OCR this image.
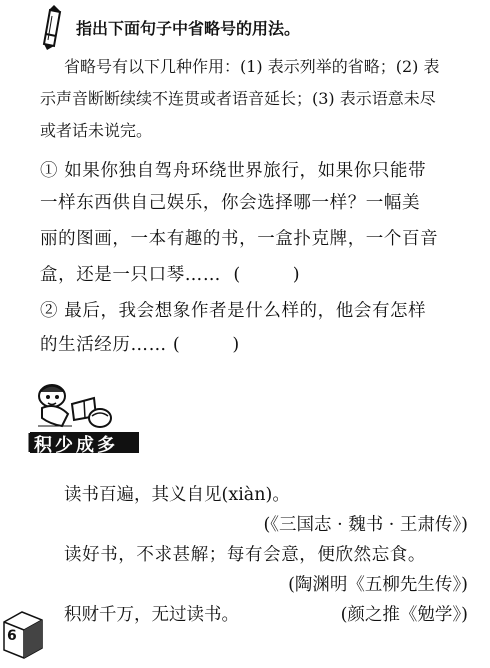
指出下面句子中省略号的用法。
省略号有以下几种作用：(1) 表示列举的省略；(2) 表
示声音断断续续不连贯或者语音延长；(3) 表示语意未尽
或者话未说完。
① 如果你独自驾舟环绕世界旅行，如果你只能带
一样东西供自己娱乐，你会选择哪一样？一幅美
丽的图画，一本有趣的书，一盒扑克牌，一个百音
盒，还是一只口琴…… (	)
② 最后，我会想象作者是什么样的，他会有怎样
的生活经历…… (	)
积少成多
读书百遍，其义自见(xiàn)。
(《三国志 · 魏书 · 王肃传》)
读好书，不求甚解；每有会意，便欣然忘食。
(陶渊明《五柳先生传》)
积财千万，无过读书。	(颜之推《勉学》)
6
